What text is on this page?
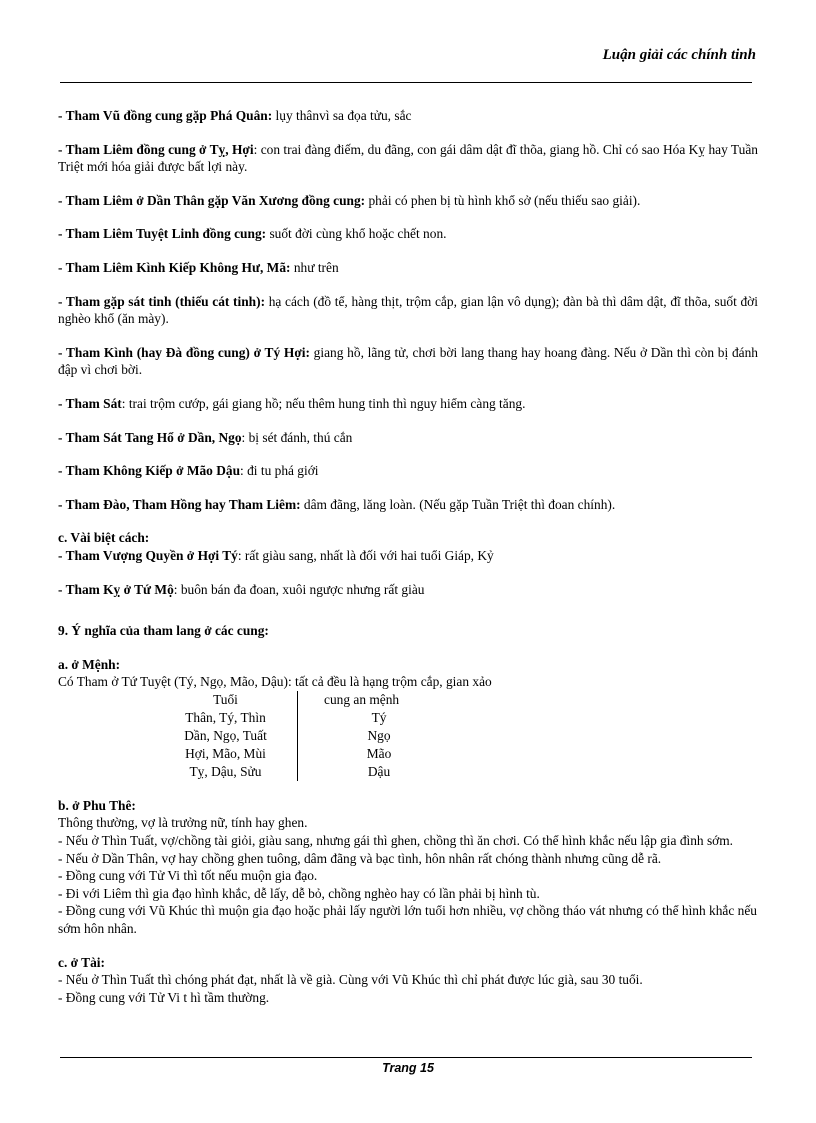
Luận giải các chính tinh

- Tham Vũ đồng cung gặp Phá Quân: lụy thânvì sa đọa tửu, sắc

- Tham Liêm đồng cung ở Tỵ, Hợi: con trai đàng điếm, du đãng, con gái dâm dật đĩ thõa, giang hồ. Chỉ có sao Hóa Kỵ hay Tuần Triệt mới hóa giải được bất lợi này.

- Tham Liêm ở Dần Thân gặp Văn Xương đồng cung: phải có phen bị tù hình khổ sở (nếu thiếu sao giải).

- Tham Liêm Tuyệt Linh đồng cung: suốt đời cùng khổ hoặc chết non.

- Tham Liêm Kình Kiếp Không Hư, Mã: như trên

- Tham gặp sát tinh (thiếu cát tinh): hạ cách (đồ tể, hàng thịt, trộm cắp, gian lận vô dụng); đàn bà thì dâm dật, đĩ thõa, suốt đời nghèo khổ (ăn mày).

- Tham Kình (hay Đà đồng cung) ở Tý Hợi: giang hồ, lãng tử, chơi bời lang thang hay hoang đàng. Nếu ở Dần thì còn bị đánh đập vì chơi bời.

- Tham Sát: trai trộm cướp, gái giang hồ; nếu thêm hung tinh thì nguy hiểm càng tăng.

- Tham Sát Tang Hổ ở Dần, Ngọ: bị sét đánh, thú cắn

- Tham Không Kiếp ở Mão Dậu: đi tu phá giới

- Tham Đào, Tham Hồng hay Tham Liêm: dâm đãng, lăng loàn. (Nếu gặp Tuần Triệt thì đoan chính).

c. Vài biệt cách:

- Tham Vượng Quyền ở Hợi Tý: rất giàu sang, nhất là đối với hai tuổi Giáp, Kỷ

- Tham Kỵ ở Tứ Mộ: buôn bán đa đoan, xuôi ngược nhưng rất giàu

9. Ý nghĩa của tham lang ở các cung:

a. ở Mệnh:

Có Tham ở Tứ Tuyệt (Tý, Ngọ, Mão, Dậu): tất cả đều là hạng trộm cắp, gian xảo

Tuổi	cung an mệnh
Thân, Tý, Thìn	Tý
Dần, Ngọ, Tuất	Ngọ
Hợi, Mão, Mùi	Mão
Tỵ, Dậu, Sửu	Dậu

b. ở Phu Thê:

Thông thường, vợ là trưởng nữ, tính hay ghen.

- Nếu ở Thìn Tuất, vợ/chồng tài giỏi, giàu sang, nhưng gái thì ghen, chồng thì ăn chơi. Có thể hình khắc nếu lập gia đình sớm.

- Nếu ở Dần Thân, vợ hay chồng ghen tuông, dâm đãng và bạc tình, hôn nhân rất chóng thành nhưng cũng dễ rã.

- Đồng cung với Tử Vi thì tốt nếu muộn gia đạo.

- Đi với Liêm thì gia đạo hình khắc, dễ lấy, dễ bỏ, chồng nghèo hay có lần phải bị hình tù.

- Đồng cung với Vũ Khúc thì muộn gia đạo hoặc phải lấy người lớn tuổi hơn nhiều, vợ chồng tháo vát nhưng có thể hình khắc nếu sớm hôn nhân.

c. ở Tài:

- Nếu ở Thìn Tuất thì chóng phát đạt, nhất là về già. Cùng với Vũ Khúc thì chỉ phát được lúc già, sau 30 tuổi.

- Đồng cung với Tử Vi t hì tầm thường.

Trang 15
